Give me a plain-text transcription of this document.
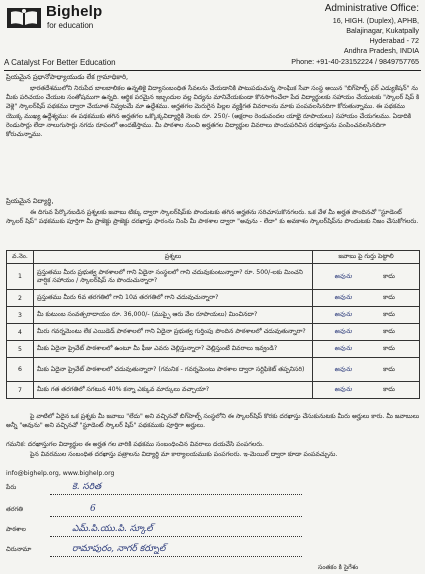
Bighelp
for education
A Catalyst For Better Education
Administrative Office:
16, HIGH. (Duplex), APHB,
Balajinagar, Kukatpally
Hyderabad - 72
Andhra Pradesh, INDIA
Phone: +91-40-23152224 / 9849757765
ప్రియమైన ప్రధానోపాధ్యాయుడు లేక గ్రామాధికారి,
భారతదేశములోని నిరుపేద బాలబాలికల ఉన్నతికై విద్యాసంబంధిత సేవలను చేయడానికి పాటుపడుచున్న సాంఘిక సేవా సంస్థ అయిన "బిగ్‌హెల్ప్ ఫర్ ఎడ్యుకేషన్" ను మీకు పరిచయం చేయుట సంతోషముగా ఉన్నది. ఆర్థిక పరమైన ఇబ్బందుల వల్ల విద్యను మానివేయకుండా కొనసాగించేలా పేద విద్యార్థులకు సహాయం చేయుటకు "స్కాలర్ షిప్ కి వెళ్లె" స్కాలర్‌షిప్ పథకము ద్వారా చేయూత నివ్వటమే మా ఉద్దేశము. అర్హతగల మెరుగైన పిల్లల వ్యక్తిగత వివరాలను మాకు పంపవలసినదిగా కోరుతున్నాము. ఈ పథకము యొక్క ముఖ్య ఉద్దేశ్యము: ఈ పథకముకు తగిన అర్హతగల ఒక్కొక్కవిద్యార్థికి నెలకు రూ. 250/- (అక్షరాల రెండువందల యాభై రూపాయలు) సహాయం చేయగలము. ఏడాదికి రెండుసార్లు లేదా నాలుగుసార్లు నగదు రూపంలో అందజేస్తాము. మీ పాఠశాల నుంచి అర్హతగల విద్యార్థుల వివరాలు పొందుపరిచిన దరఖాస్తును పంపించవలసినదిగా కోరుచున్నాము.
ప్రియమైన విద్యార్థి,
ఈ దిగువ పేర్కొనబడిన ప్రశ్నలకు జవాబు టిక్కు ద్వారా స్కాలర్‌షిప్‌కు పొందుటకు తగిన అర్హతను సరిచూసుకొనగలరు. ఒక వేళ మీ అర్హత పొందినచో "స్టూడెంట్ స్కాలర్ షిప్" పథకముకు పూర్తిగా మీ ప్రాజెక్టు ప్రాజెక్టు దరఖాస్తు ఫారంను నింపి మీ పాఠశాల ద్వారా "అవును - లేదా" కు అవకాశం స్కాలర్‌షిప్‌ను పొందుటకు నిజం చేసుకోగలరు.
వ.నెం.	ప్రశ్నలు	జవాబు పై గుర్తు పెట్టాలి
1	ప్రస్తుతము మీరు ప్రభుత్వ పాఠశాలలో గాని ఏదైనా సంస్థలలో గాని చదువుకుంటున్నారా? రూ. 500/-లకు మించని వార్షిక సహాయం / స్కాలర్‌షిప్ ను పొందుచున్నారా?	అవును కాదు
2	ప్రస్తుతము మీరు 6వ తరగతిలో గాని 10వ తరగతిలో గాని చదువుచున్నారా?	అవును కాదు
3	మీ కుటుంబ సంవత్సరాదాయం రూ. 36,000/- (ముప్పై ఆరు వేల రూపాయలు) మించినదా?	అవును కాదు
4	మీరు గవర్నమెంటు లేక ఎయిడెడ్ పాఠశాలలో గాని ఏదైనా ప్రభుత్వ గుర్తింపు పొందిన పాఠశాలలో చదువుతున్నారా?	అవును కాదు
5	మీకు ఏదైనా ప్రైవేట్ పాఠశాలలో ఉంటూ మీ ఫీజు ఎవరు చెల్లిస్తున్నారా? చెల్లిస్తుంటే వివరాలు ఇవ్వండి?	అవును కాదు
6	మీకు ఏదైనా ప్రైవేట్ పాఠశాలలో చదువుతున్నారా? (గమనిక - గవర్నమెంటు పాఠశాల ద్వారా సర్టిఫికెట్ తప్పనిసరి)	అవును కాదు
7	మీకు గత తరగతిలో సగటున 40% కన్నా ఎక్కువ మార్కులు వచ్చాయా?	అవును కాదు
పై వాటిలో ఏదైన ఒక ప్రశ్నకు మీ జవాబు "లేదు" అని వచ్చినచో బిగ్‌హెల్ప్ సంస్థలోని ఈ స్కాలర్‌షిప్ కొరకు దరఖాస్తు చేసుకునుటకు మీరు అర్హులు కారు. మీ జవాబులు అన్నీ "అవును" అని వచ్చినచో "స్టూడెంట్ స్కాలర్ షిప్" పథకముకు పూర్తిగా అర్హులు.
గమనిక: దరఖాస్తుగల విద్యార్థుల ఈ అర్హత గల వారికి పథకము సంబంధించిన వివరాలు దయచేసి పంపగలరు.
పైన వివరముల సంబంధిత దరఖాస్తు పత్రాలను విద్యార్థి మా కార్యాలయముకు పంపగలరు. ఇ-మెయిల్ ద్వారా కూడా పంపవచ్చును.
info@bighelp.org, www.bighelp.org
పేరు	కె. సరిత
తరగతి	6
పాఠశాల	ఎమ్.పి.యు.పి. స్కూల్
చిరునామా	రామాపురం, నాగర్ కర్నూల్
సంతకం కి సైగేశం
